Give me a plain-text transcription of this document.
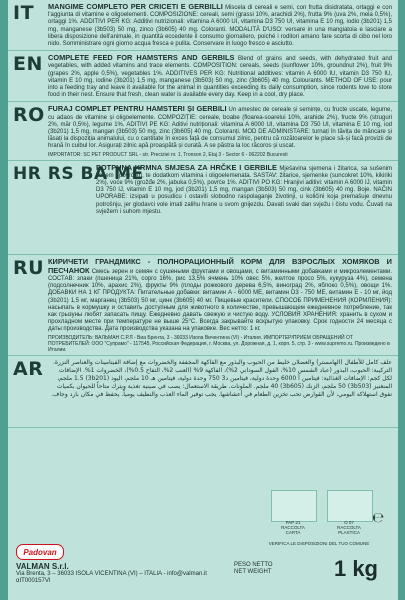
IT MANGIME COMPLETO PER CRICETI E GERBILLI Miscela di cereali e semi, con frutta disidratata, ortaggi e con l'aggiunta di vitamine e oligoelementi. COMPOSIZIONE: cereali, semi (grassi 10%, arachidi 2%), frutta 9% (uva 2%, mela 0,5%), ortaggi 1%. ADDITIVI PER KG: Additivi nutrizionali: vitamina A 6000 UI, vitamina D3 750 UI, vitamina E 10 mg, iodio (3b201) 1,5 mg, manganese (3b503) 50 mg, zinco (3b605) 40 mg. Coloranti. MODALITÀ D'USO: versare in una mangiatoia e lasciare a libera disposizione dell'animale, in quantità eccedente il consumo giornaliero, poiché i roditori amano fare scorta di cibo nel loro nido. Somministrare ogni giorno acqua fresca e pulita. Conservare in luogo fresco e asciutto.
EN COMPLETE FEED FOR HAMSTERS AND GERBILS Blend of grains and seeds, with dehydrated fruit and vegetables, with added vitamins and trace elements. COMPOSITION: cereals, seeds (sunflower 10%, groundnut 2%), fruit 9% (grapes 2%, apple 0,5%), vegetables 1%. ADDITIVES PER KG: Nutritional additives: vitamin A 6000 IU, vitamin D3 750 IU, vitamin E 10 mg, iodine (3b201) 1,5 mg, manganese (3b503) 50 mg, zinc (3b605) 40 mg. Colourants. METHOD OF USE: pour into a feeding tray and leave it available for the animal in quantities exceeding its daily consumption, since rodents love to store food in their nest. Ensure that fresh, clean water is available every day. Keep in a cool, dry place.
RO FURAJ COMPLET PENTRU HAMSTERI ȘI GERBILI Un amestec de cereale și semințe, cu fructe uscate, legume, cu adaos de vitamine și oligoelemente. COMPOZIȚIE: cereale, boabe (floarea-soarelui 10%, arahide 2%), fructe 9% (struguri 2%, măr 0,5%), legume 1%. ADITIVI PE KG: Aditivi nutriționali: vitamina A 6000 UI, vitamina D3 750 UI, vitamina E 10 mg, iod (3b201) 1,5 mg, mangan (3b503) 50 mg, zinc (3b605) 40 mg. Coloranți. MOD DE ADMINISTARE: turnați în tăvița de mâncare și lăsați la dispoziția animalului, cu o cantitate în exces față de consumul zilnic, pentru că rozătoarelor le place să-și facă provizii de hrană în cuibul lor. Asigurați zilnic apă proaspătă și curată. A se păstra la loc răcoros și uscat.
IMPORTATOR: SC PET PRODUCT SRL - str. Precizieі nr. 1, Tronson 2, Etaj 3 - Sector 6 - 062202 Bucuresti
HR RS BA ME
POTPUNA KRMNA SMJESA ZA HRČKE I GERBILE Mješavina sjemena i žitarica, sa sušenim voćem i povrćem, te dodatkom vitamina i oligoelemenata. SASTAV: žitarice, sjemenke (suncokret 10%, kikiriki 2%), voće 9% (grožđe 2%, jabuka 0,5%), povrće 1%. ADITIVI PO KG: Hranjivi aditivi: vitamin A 6000 IJ, vitamin D3 750 IJ, vitamin E 10 mg, jod (3b201) 1,5 mg, mangan (3b503) 50 mg, cink (3b605) 40 mg. Boje. NAČIN UPORABE: izsipati u posudicu i ostaviti slobodno raspolaganje životinji, u količini koja premašuje dnevnu potrošnju, jer glodavci vole imati zalihu hrane u svom gnijezdu. Davati svaki dan svježu i čistu vodu. Čuvati na svježem i suhom mjestu.
RU КИРИЧЕТИ ГРАНДМИКС - ПОЛНОРАЦИОННЫЙ КОРМ ДЛЯ ВЗРОСЛЫХ ХОМЯКОВ И ПЕСЧАНОК Смесь зерен и семян с сушеными фруктами и овощами, с витаминными добавками и микроэлементами. СОСТАВ: злаки (пшеница 21%, сорго 16%, рис 13,5% ячмень 10% овес 5%, желтое просо 5%, кукуруза 4%), семена (подсолнечник 10%, арахис 2%), фрукты 9% (плоды рожкового дерева 6,5%, виноград 2%, яблоко 0,5%), овощи 1%. ДОБАВКИ НА 1 КГ ПРОДУКТА: Питательные добавки: витамин А - 6000 МЕ, витамин D3 - 750 МЕ, витамин Е - 10 мг, йод (3b201) 1,5 мг, марганец (3b503) 50 мг, цинк (3b605) 40 мг. Пищевые красители. СПОСОБ ПРИМЕНЕНИЯ (КОРМЛЕНИЯ): насыпать в кормушку и оставить доступным для животного в количестве, превышающем ежедневное потребление, так как грызуны любят запасать пищу. Ежедневно давать свежую и чистую воду. УСЛОВИЯ ХРАНЕНИЯ: хранить в сухом и прохладном месте при температуре не выше 25°С. Всегда закрывайте вскрытую упаковку. Срок годности 24 месяца с даты производства. Дата производства указана на упаковке. Вес нетто: 1 кг.
ПРОИЗВОДИТЕЛЬ: ВАЛЬМАН С.Р.Л - Виа Брента, 3 - 36033 Изола Вичентина (VI) - Италия. ИМПОРТЕР/ПРИЕМ ОБРАЩЕНИЙ ОТ ПОТРЕБИТЕЛЕЙ: ООО "Супрамо" - 117545, Российская Федерация, г. Москва, ул. Дорожная, д. 1, корп. 5, стр. 3 - www.supremo.ru. Произведено в Италии.
AR	علف كامل للأطفال (الهامستر) والعضلان خليط من الحبوب والبذور مع الفاكهة المجففة والخضروات مع إضافة الفيتامينات والعناصر النزرة. التركيبة: الحبوب، البذور (عباد الشمس 10%، الفول السوداني 2%)، الفاكهة 9% (العنب 2%، التفاح 0.5%)، الخضروات 1%. الإضافات لكل كجم: الإضافات الغذائية: فيتامين أ 6000 وحدة دولية، فيتامين د3 750 وحدة دولية، فيتامين هـ 10 ملجم، اليود (3b201) 1.5 ملجم، المنغنيز (3b503) 50 ملجم، الزنك (3b605) 40 ملجم. الملونات. طريقة الاستعمال: يصب في صينية تغذية ويترك متاحاً للحيوان بكميات تفوق استهلاكه اليومي، لأن القوارض تحب تخزين الطعام في أعشاشها. يجب توفير الماء العذب والنظيف يومياً. يحفظ في مكان بارد وجاف.
PAP 21
RACCOLTA
CARTA
O 07
RACCOLTA
PLASTICA
℮
VERIFICA LE DISPOSIZIONI DEL TUO COMUNE
Padovan
VALMAN S.r.l.
Via Brenta, 3 – 36033 ISOLA VICENTINA (VI) – ITALIA - info@valman.it
αIT000157VI
PESO NETTO
NET WEIGHT	1 kg
